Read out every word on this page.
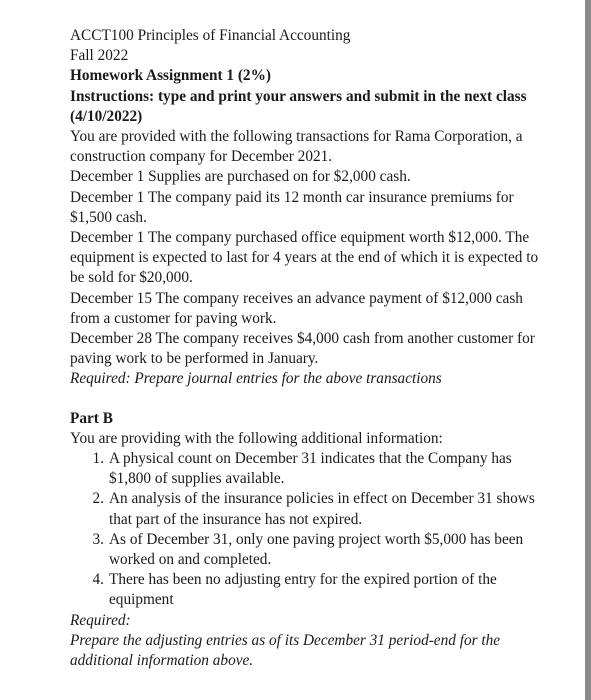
ACCT100 Principles of Financial Accounting

Fall 2022

Homework Assignment 1 (2%)

Instructions: type and print your answers and submit in the next class (4/10/2022)

You are provided with the following transactions for Rama Corporation, a construction company for December 2021.

December 1 Supplies are purchased on for $2,000 cash.

December 1 The company paid its 12 month car insurance premiums for $1,500 cash.

December 1 The company purchased office equipment worth $12,000. The equipment is expected to last for 4 years at the end of which it is expected to be sold for $20,000.

December 15 The company receives an advance payment of $12,000 cash from a customer for paving work.

December 28 The company receives $4,000 cash from another customer for paving work to be performed in January.

Required: Prepare journal entries for the above transactions

Part B

You are providing with the following additional information:

1. A physical count on December 31 indicates that the Company has $1,800 of supplies available.
2. An analysis of the insurance policies in effect on December 31 shows that part of the insurance has not expired.
3. As of December 31, only one paving project worth $5,000 has been worked on and completed.
4. There has been no adjusting entry for the expired portion of the equipment

Required:

Prepare the adjusting entries as of its December 31 period-end for the additional information above.
